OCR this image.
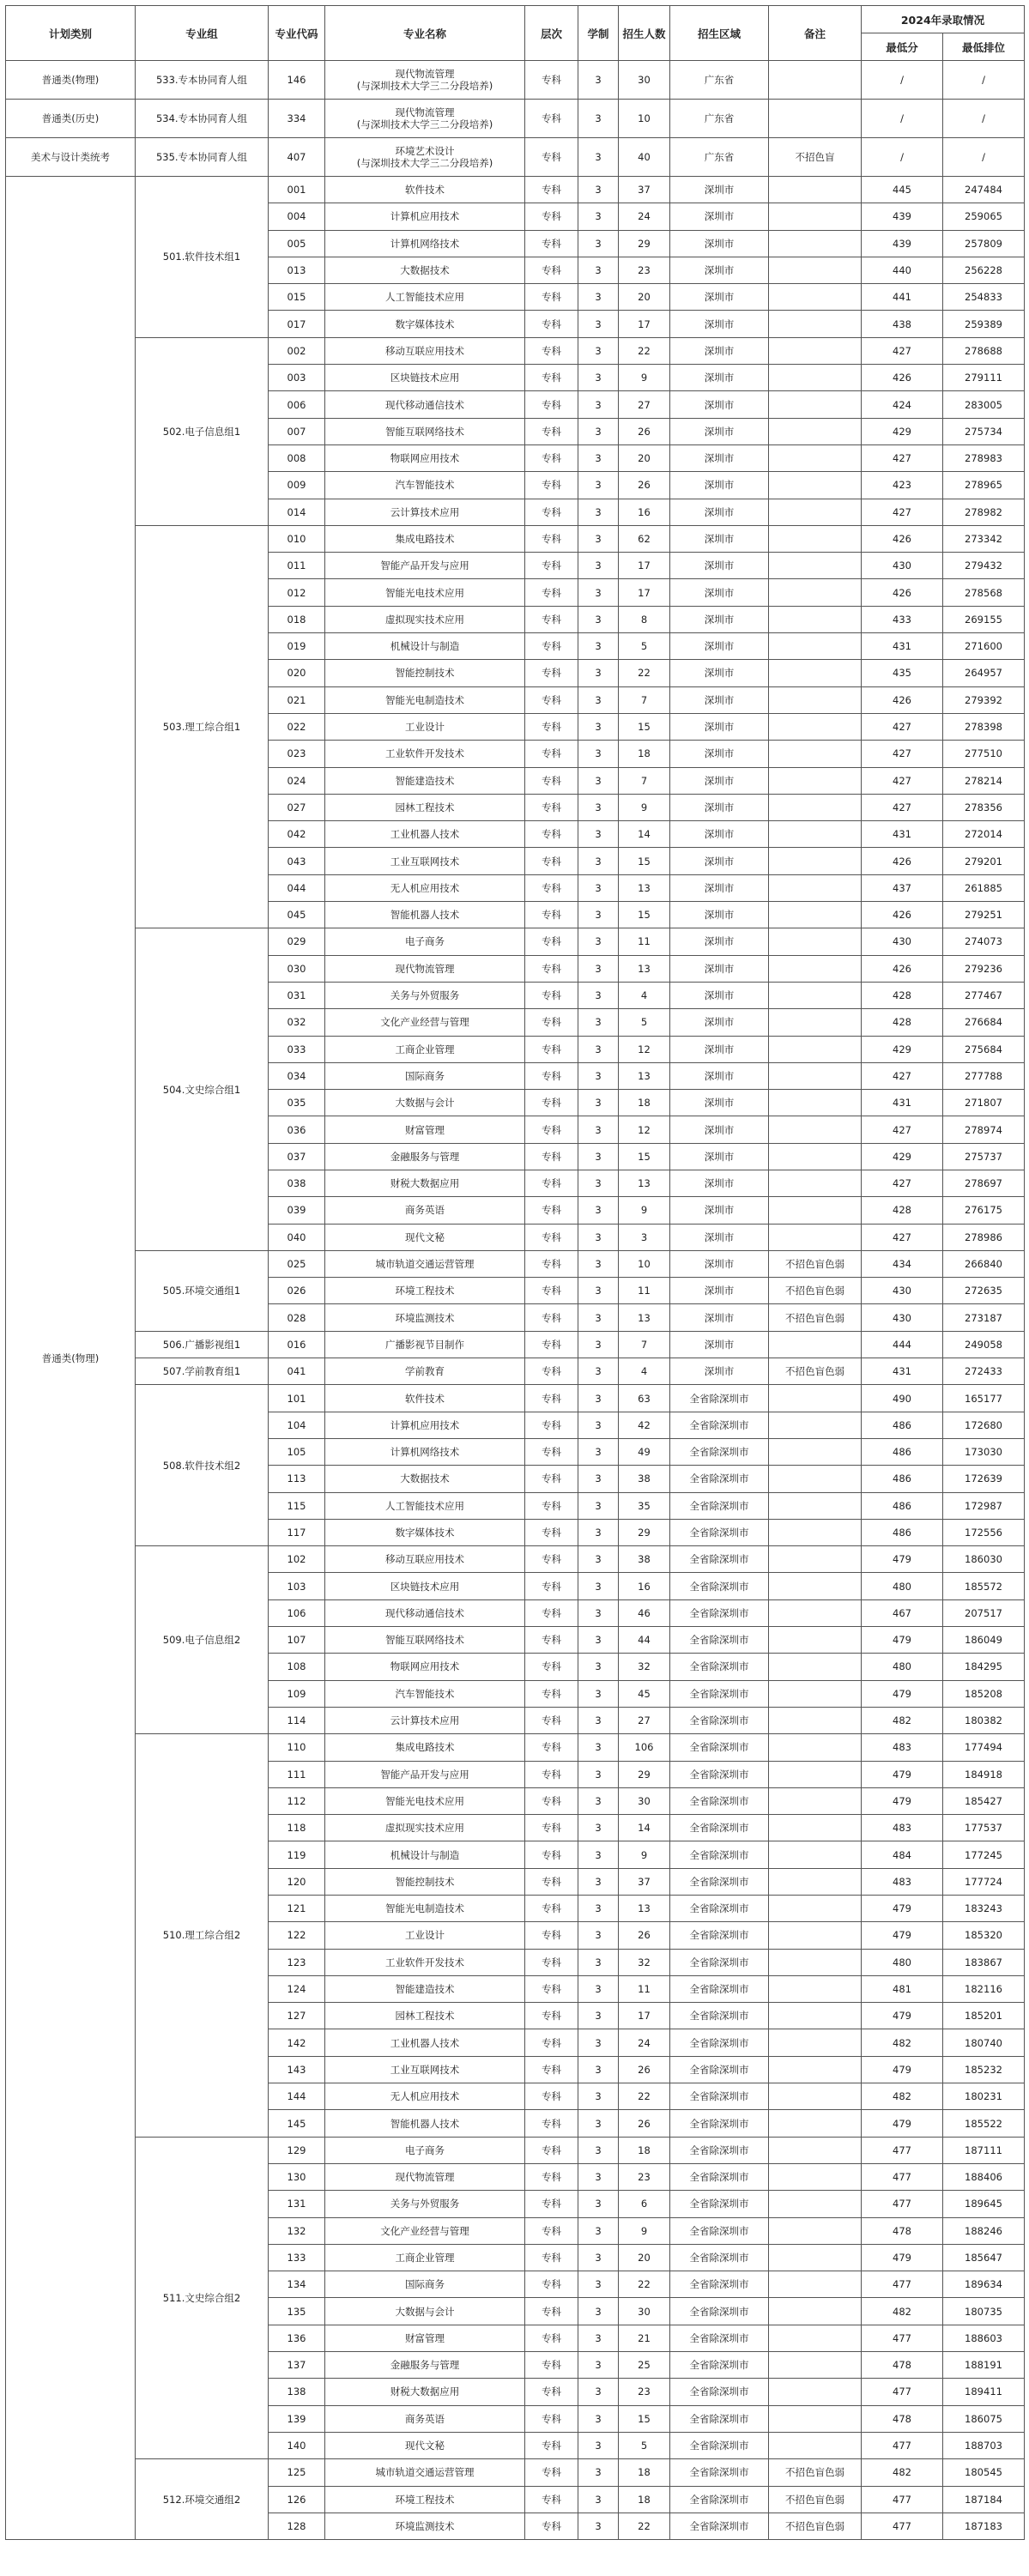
计划类别	专业组	专业代码	专业名称	层次	学制	招生人数	招生区域	备注	2024年录取情况	
									最低分	最低排位
普通类(物理)	533.专本协同育人组	146	现代物流管理
(与深圳技术大学三二分段培养)	专科	3	30	广东省		/	/
普通类(历史)	534.专本协同育人组	334	现代物流管理
(与深圳技术大学三二分段培养)	专科	3	10	广东省		/	/
美术与设计类统考	535.专本协同育人组	407	环境艺术设计
(与深圳技术大学三二分段培养)	专科	3	40	广东省	不招色盲	/	/
普通类(物理)	501.软件技术组1	001	软件技术	专科	3	37	深圳市		445	247484
		004	计算机应用技术	专科	3	24	深圳市		439	259065
		005	计算机网络技术	专科	3	29	深圳市		439	257809
		013	大数据技术	专科	3	23	深圳市		440	256228
		015	人工智能技术应用	专科	3	20	深圳市		441	254833
		017	数字媒体技术	专科	3	17	深圳市		438	259389
	502.电子信息组1	002	移动互联应用技术	专科	3	22	深圳市		427	278688
		003	区块链技术应用	专科	3	9	深圳市		426	279111
		006	现代移动通信技术	专科	3	27	深圳市		424	283005
		007	智能互联网络技术	专科	3	26	深圳市		429	275734
		008	物联网应用技术	专科	3	20	深圳市		427	278983
		009	汽车智能技术	专科	3	26	深圳市		423	278965
		014	云计算技术应用	专科	3	16	深圳市		427	278982
	503.理工综合组1	010	集成电路技术	专科	3	62	深圳市		426	273342
		011	智能产品开发与应用	专科	3	17	深圳市		430	279432
		012	智能光电技术应用	专科	3	17	深圳市		426	278568
		018	虚拟现实技术应用	专科	3	8	深圳市		433	269155
		019	机械设计与制造	专科	3	5	深圳市		431	271600
		020	智能控制技术	专科	3	22	深圳市		435	264957
		021	智能光电制造技术	专科	3	7	深圳市		426	279392
		022	工业设计	专科	3	15	深圳市		427	278398
		023	工业软件开发技术	专科	3	18	深圳市		427	277510
		024	智能建造技术	专科	3	7	深圳市		427	278214
		027	园林工程技术	专科	3	9	深圳市		427	278356
		042	工业机器人技术	专科	3	14	深圳市		431	272014
		043	工业互联网技术	专科	3	15	深圳市		426	279201
		044	无人机应用技术	专科	3	13	深圳市		437	261885
		045	智能机器人技术	专科	3	15	深圳市		426	279251
	504.文史综合组1	029	电子商务	专科	3	11	深圳市		430	274073
		030	现代物流管理	专科	3	13	深圳市		426	279236
		031	关务与外贸服务	专科	3	4	深圳市		428	277467
		032	文化产业经营与管理	专科	3	5	深圳市		428	276684
		033	工商企业管理	专科	3	12	深圳市		429	275684
		034	国际商务	专科	3	13	深圳市		427	277788
		035	大数据与会计	专科	3	18	深圳市		431	271807
		036	财富管理	专科	3	12	深圳市		427	278974
		037	金融服务与管理	专科	3	15	深圳市		429	275737
		038	财税大数据应用	专科	3	13	深圳市		427	278697
		039	商务英语	专科	3	9	深圳市		428	276175
		040	现代文秘	专科	3	3	深圳市		427	278986
	505.环境交通组1	025	城市轨道交通运营管理	专科	3	10	深圳市	不招色盲色弱	434	266840
		026	环境工程技术	专科	3	11	深圳市	不招色盲色弱	430	272635
		028	环境监测技术	专科	3	13	深圳市	不招色盲色弱	430	273187
	506.广播影视组1	016	广播影视节目制作	专科	3	7	深圳市		444	249058
	507.学前教育组1	041	学前教育	专科	3	4	深圳市	不招色盲色弱	431	272433
	508.软件技术组2	101	软件技术	专科	3	63	全省除深圳市		490	165177
		104	计算机应用技术	专科	3	42	全省除深圳市		486	172680
		105	计算机网络技术	专科	3	49	全省除深圳市		486	173030
		113	大数据技术	专科	3	38	全省除深圳市		486	172639
		115	人工智能技术应用	专科	3	35	全省除深圳市		486	172987
		117	数字媒体技术	专科	3	29	全省除深圳市		486	172556
	509.电子信息组2	102	移动互联应用技术	专科	3	38	全省除深圳市		479	186030
		103	区块链技术应用	专科	3	16	全省除深圳市		480	185572
		106	现代移动通信技术	专科	3	46	全省除深圳市		467	207517
		107	智能互联网络技术	专科	3	44	全省除深圳市		479	186049
		108	物联网应用技术	专科	3	32	全省除深圳市		480	184295
		109	汽车智能技术	专科	3	45	全省除深圳市		479	185208
		114	云计算技术应用	专科	3	27	全省除深圳市		482	180382
	510.理工综合组2	110	集成电路技术	专科	3	106	全省除深圳市		483	177494
		111	智能产品开发与应用	专科	3	29	全省除深圳市		479	184918
		112	智能光电技术应用	专科	3	30	全省除深圳市		479	185427
		118	虚拟现实技术应用	专科	3	14	全省除深圳市		483	177537
		119	机械设计与制造	专科	3	9	全省除深圳市		484	177245
		120	智能控制技术	专科	3	37	全省除深圳市		483	177724
		121	智能光电制造技术	专科	3	13	全省除深圳市		479	183243
		122	工业设计	专科	3	26	全省除深圳市		479	185320
		123	工业软件开发技术	专科	3	32	全省除深圳市		480	183867
		124	智能建造技术	专科	3	11	全省除深圳市		481	182116
		127	园林工程技术	专科	3	17	全省除深圳市		479	185201
		142	工业机器人技术	专科	3	24	全省除深圳市		482	180740
		143	工业互联网技术	专科	3	26	全省除深圳市		479	185232
		144	无人机应用技术	专科	3	22	全省除深圳市		482	180231
		145	智能机器人技术	专科	3	26	全省除深圳市		479	185522
	511.文史综合组2	129	电子商务	专科	3	18	全省除深圳市		477	187111
		130	现代物流管理	专科	3	23	全省除深圳市		477	188406
		131	关务与外贸服务	专科	3	6	全省除深圳市		477	189645
		132	文化产业经营与管理	专科	3	9	全省除深圳市		478	188246
		133	工商企业管理	专科	3	20	全省除深圳市		479	185647
		134	国际商务	专科	3	22	全省除深圳市		477	189634
		135	大数据与会计	专科	3	30	全省除深圳市		482	180735
		136	财富管理	专科	3	21	全省除深圳市		477	188603
		137	金融服务与管理	专科	3	25	全省除深圳市		478	188191
		138	财税大数据应用	专科	3	23	全省除深圳市		477	189411
		139	商务英语	专科	3	15	全省除深圳市		478	186075
		140	现代文秘	专科	3	5	全省除深圳市		477	188703
	512.环境交通组2	125	城市轨道交通运营管理	专科	3	18	全省除深圳市	不招色盲色弱	482	180545
		126	环境工程技术	专科	3	18	全省除深圳市	不招色盲色弱	477	187184
		128	环境监测技术	专科	3	22	全省除深圳市	不招色盲色弱	477	187183
